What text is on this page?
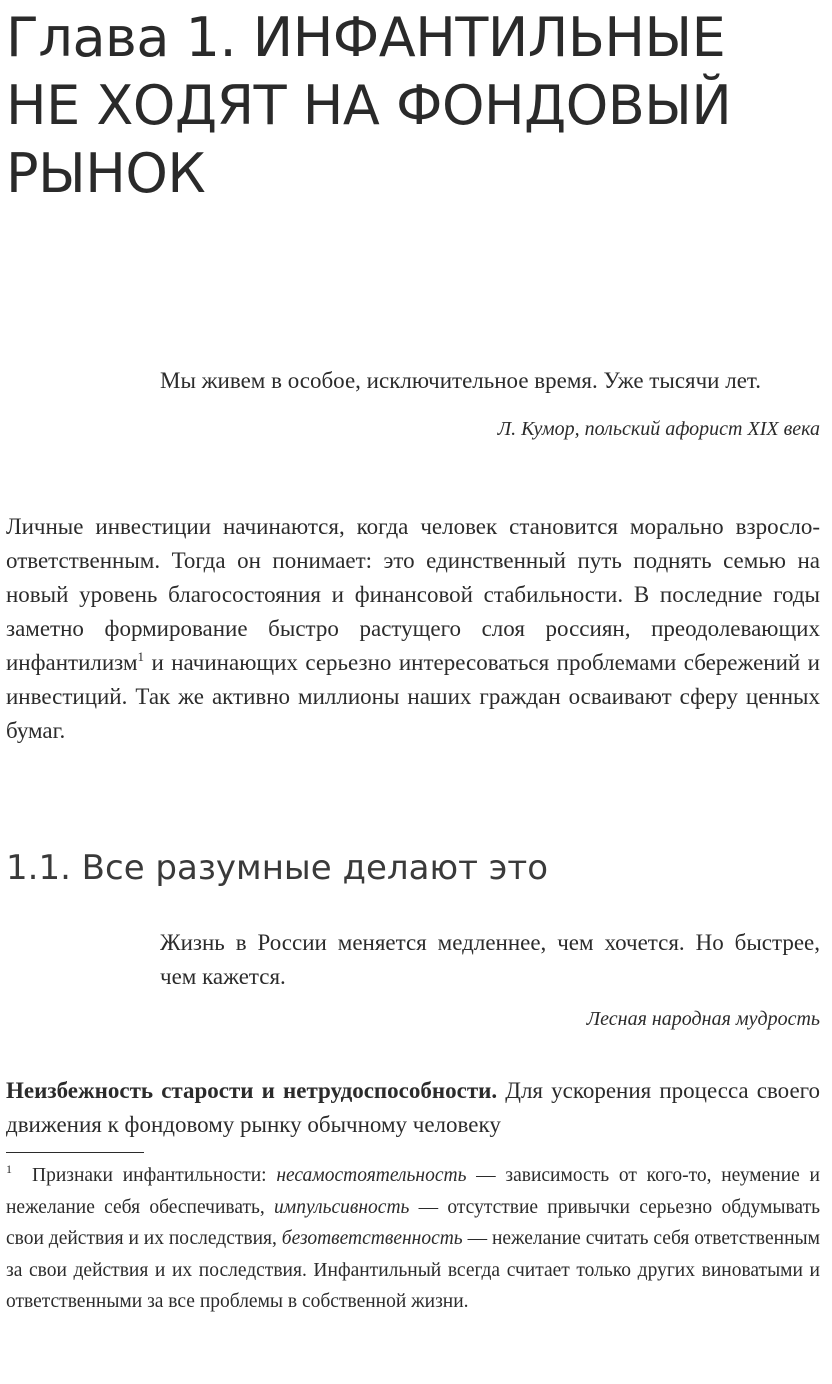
Глава 1. ИНФАНТИЛЬНЫЕ
НЕ ХОДЯТ НА ФОНДОВЫЙ
РЫНОК

Мы живем в особое, исключительное время. Уже тысячи лет.

Л. Кумор, польский афорист XIX века

Личные инвестиции начинаются, когда человек становится морально взросло-ответственным. Тогда он понимает: это единственный путь поднять семью на новый уровень благосостояния и финансовой стабильности. В последние годы заметно формирование быстро растущего слоя россиян, преодолевающих инфантилизм$^1$ и начинающих серьезно интересоваться проблемами сбережений и инвестиций. Так же активно миллионы наших граждан осваивают сферу ценных бумаг.

1.1. Все разумные делают это

Жизнь в России меняется медленнее, чем хочется. Но быстрее, чем кажется.

Лесная народная мудрость

Неизбежность старости и нетрудоспособности. Для ускорения процесса своего движения к фондовому рынку обычному человеку

1 Признаки инфантильности: несамостоятельность — зависимость от кого-то, неумение и нежелание себя обеспечивать, импульсивность — отсутствие привычки серьезно обдумывать свои действия и их последствия, безответственность — нежелание считать себя ответственным за свои действия и их последствия. Инфантильный всегда считает только других виноватыми и ответственными за все проблемы в собственной жизни.
